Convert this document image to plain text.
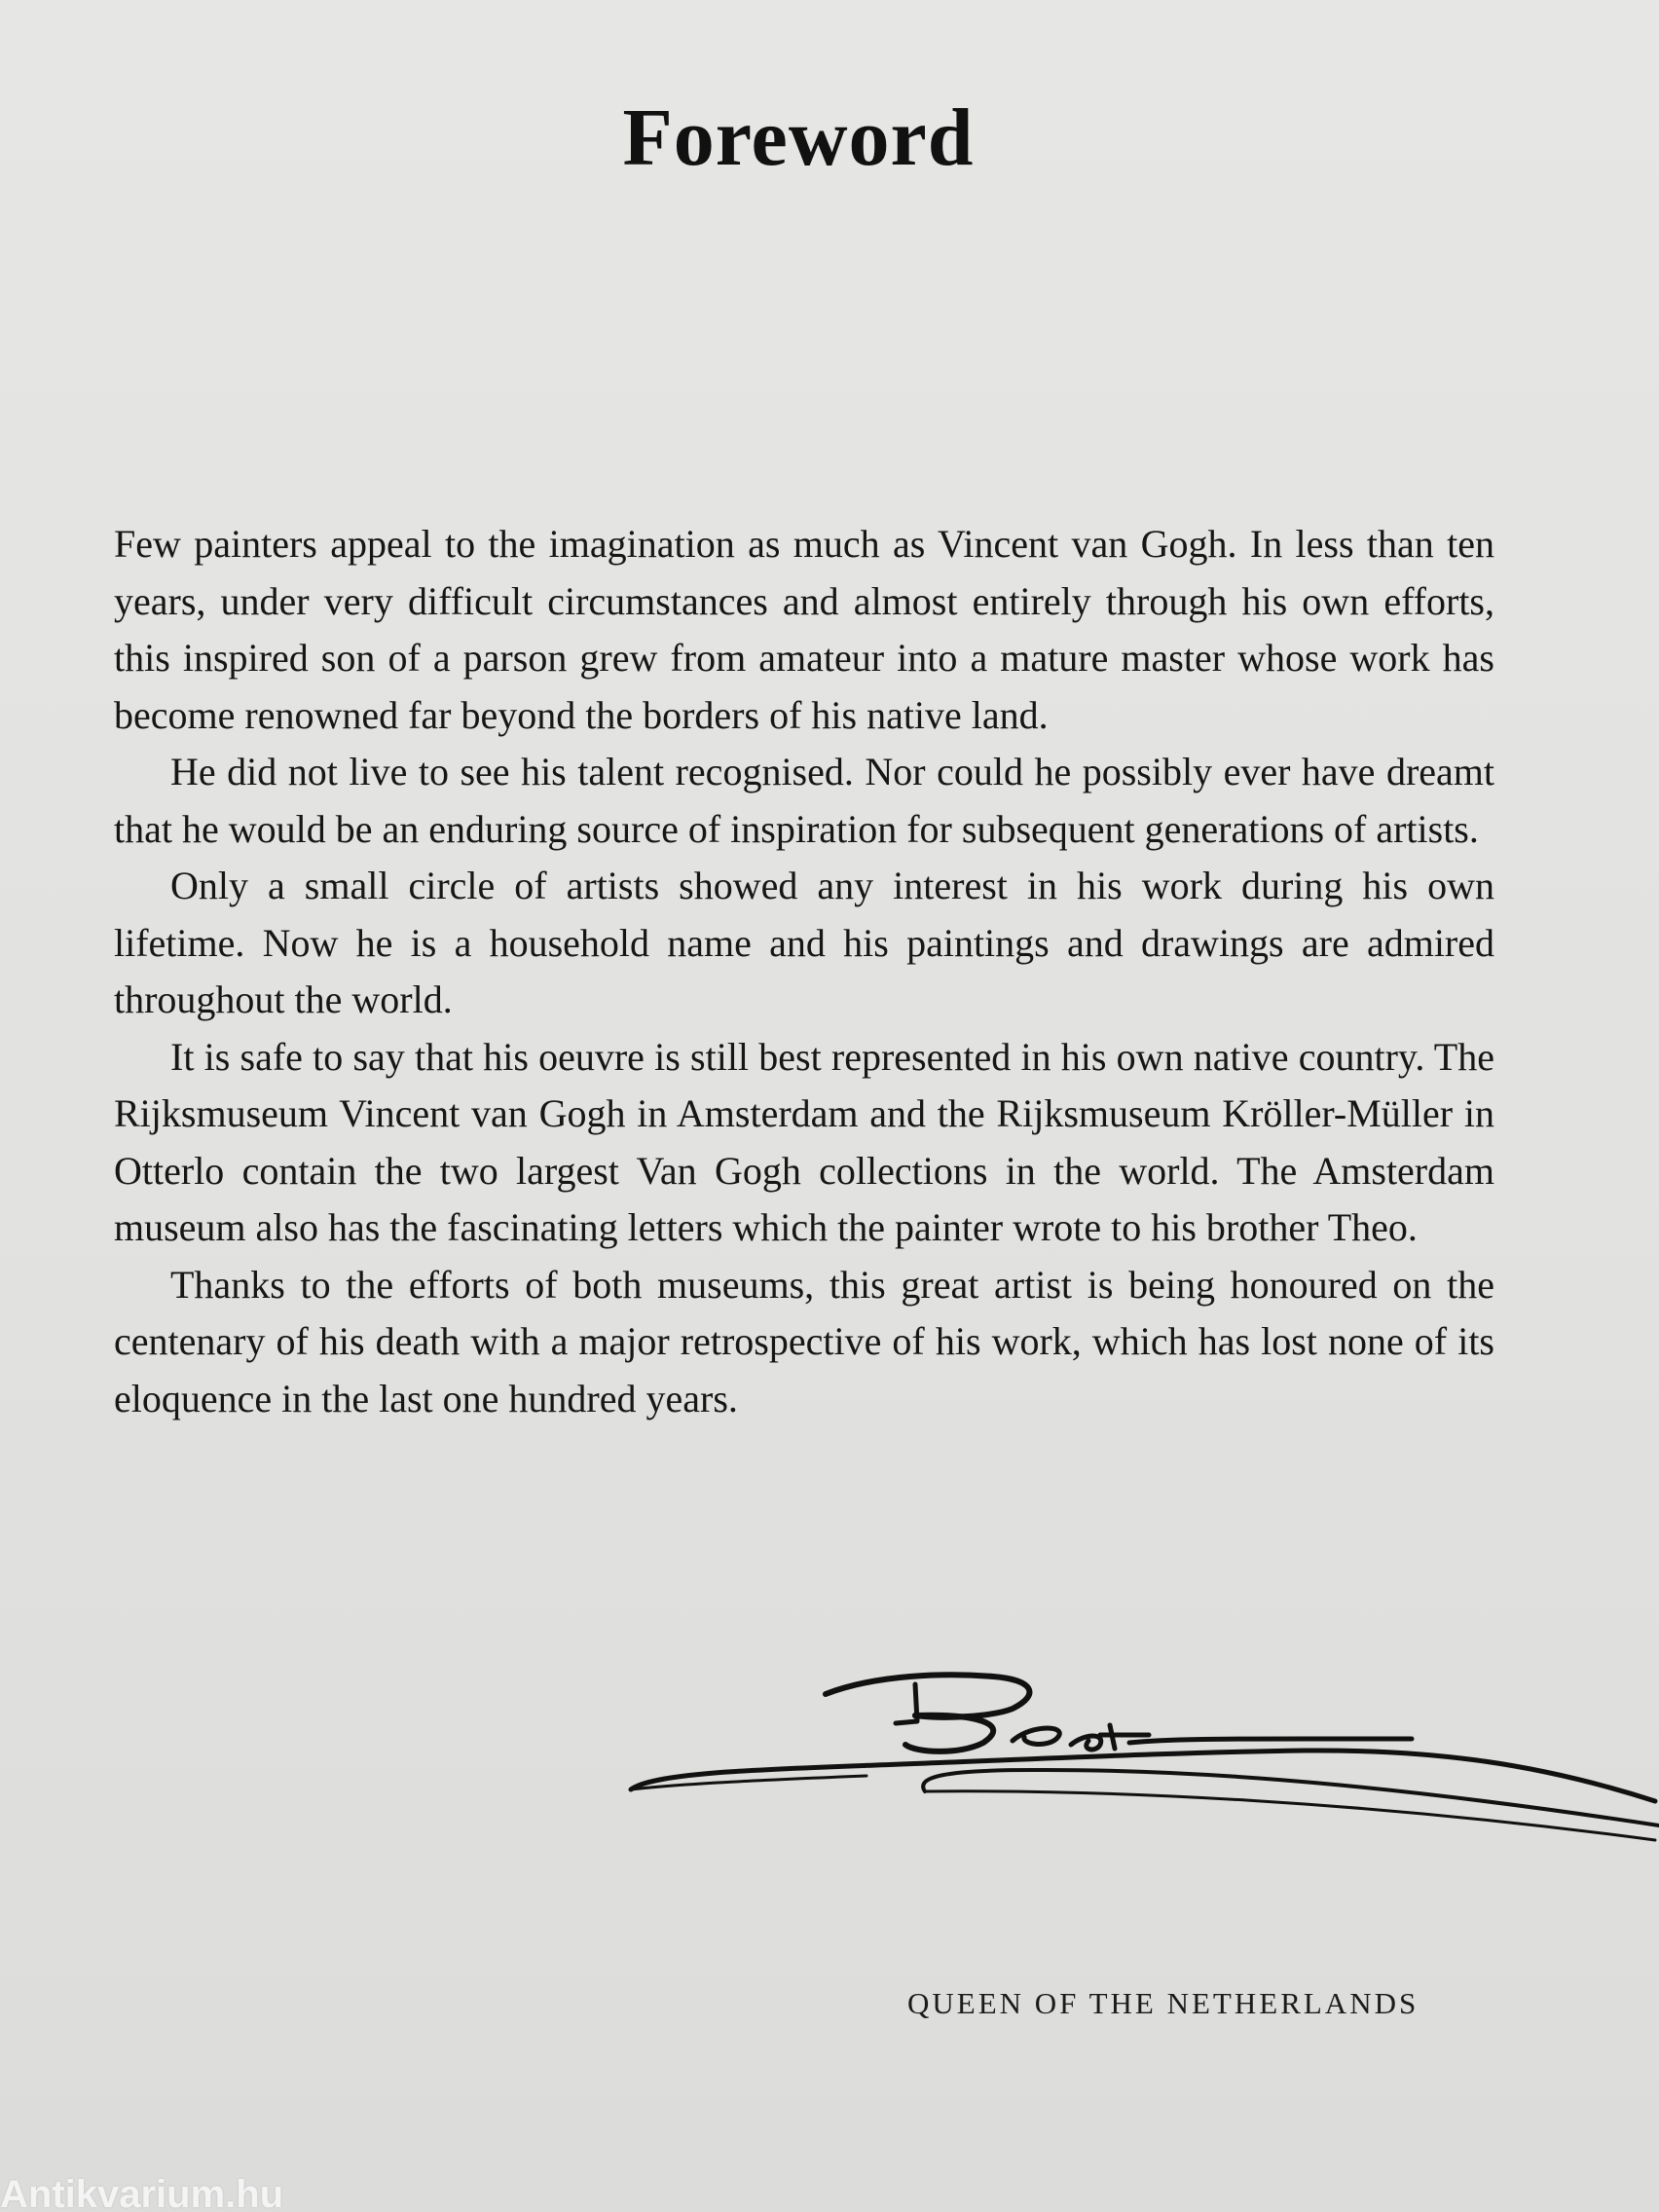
Foreword

Few painters appeal to the imagination as much as Vincent van Gogh. In less than ten years, under very difficult circumstances and almost entirely through his own efforts, this inspired son of a parson grew from amateur into a mature master whose work has become renowned far beyond the borders of his native land.

He did not live to see his talent recognised. Nor could he possibly ever have dreamt that he would be an enduring source of inspiration for subsequent generations of artists.

Only a small circle of artists showed any interest in his work during his own lifetime. Now he is a household name and his paintings and drawings are admired throughout the world.

It is safe to say that his oeuvre is still best represented in his own native country. The Rijksmuseum Vincent van Gogh in Amsterdam and the Rijksmuseum Kröller-Müller in Otterlo contain the two largest Van Gogh collections in the world. The Amsterdam museum also has the fascinating letters which the painter wrote to his brother Theo.

Thanks to the efforts of both museums, this great artist is being honoured on the centenary of his death with a major retrospective of his work, which has lost none of its eloquence in the last one hundred years.

QUEEN OF THE NETHERLANDS
Antikvarium.hu
